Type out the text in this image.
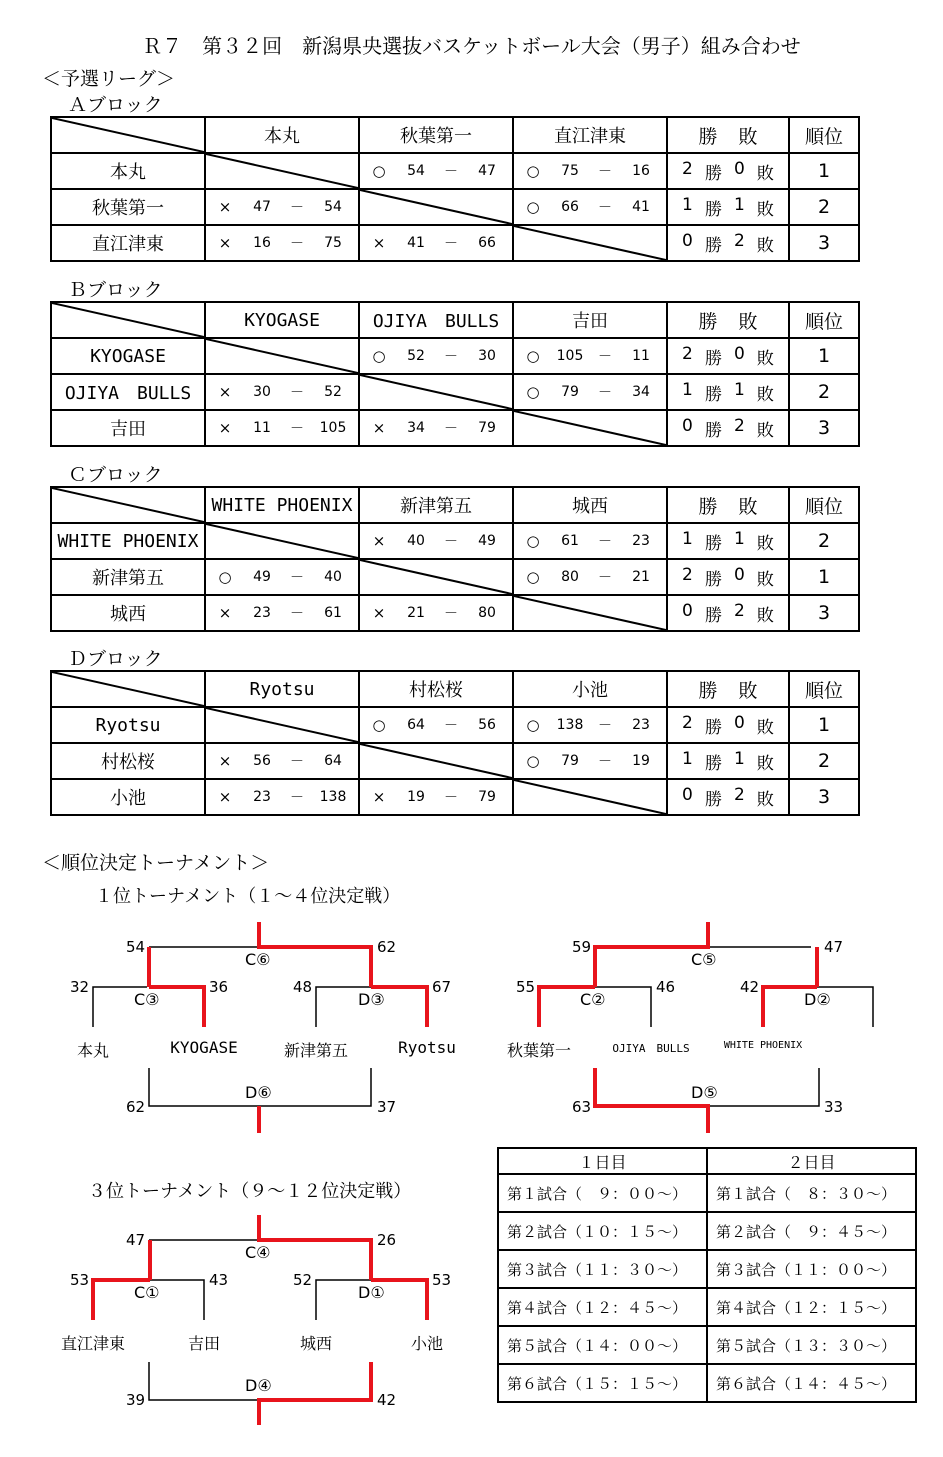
Ｒ７　第３２回　新潟県央選抜バスケットボール大会（男子）組み合わせ
＜予選リーグ＞
Ａブロック
	本丸	秋葉第一	直江津東	勝 敗	順位
本丸		○ 54 － 47	○ 75 － 16	2 勝 0 敗	1
秋葉第一	× 47 － 54		○ 66 － 41	1 勝 1 敗	2
直江津東	× 16 － 75	× 41 － 66		0 勝 2 敗	3
Ｂブロック
	KYOGASE	OJIYA　BULLS	吉田	勝 敗	順位
KYOGASE		○ 52 － 30	○ 105 － 11	2 勝 0 敗	1
OJIYA　BULLS	× 30 － 52		○ 79 － 34	1 勝 1 敗	2
吉田	× 11 － 105	× 34 － 79		0 勝 2 敗	3
Ｃブロック
	WHITE PHOENIX	新津第五	城西	勝 敗	順位
WHITE PHOENIX		× 40 － 49	○ 61 － 23	1 勝 1 敗	2
新津第五	○ 49 － 40		○ 80 － 21	2 勝 0 敗	1
城西	× 23 － 61	× 21 － 80		0 勝 2 敗	3
Ｄブロック
	Ryotsu	村松桜	小池	勝 敗	順位
Ryotsu		○ 64 － 56	○ 138 － 23	2 勝 0 敗	1
村松桜	× 56 － 64		○ 79 － 19	1 勝 1 敗	2
小池	× 23 － 138	× 19 － 79		0 勝 2 敗	3
＜順位決定トーナメント＞
１位トーナメント（１～４位決定戦）
３位トーナメント（９～１２位決定戦）
54	62
C⑥
32	36
C③
48	67
D③
本丸	KYOGASE	新津第五	Ryotsu
D⑥
62	37
59	47
C⑤
55	46
C②
42
D②
秋葉第一	OJIYA　BULLS	WHITE PHOENIX
D⑤
63	33
47	26
C④
53	43
C①
52	53
D①
直江津東	吉田	城西	小池
D④
39	42
１日目	２日目
第１試合（　９：００～）	第１試合（　８：３０～）
第２試合（１０：１５～）	第２試合（　９：４５～）
第３試合（１１：３０～）	第３試合（１１：００～）
第４試合（１２：４５～）	第４試合（１２：１５～）
第５試合（１４：００～）	第５試合（１３：３０～）
第６試合（１５：１５～）	第６試合（１４：４５～）
